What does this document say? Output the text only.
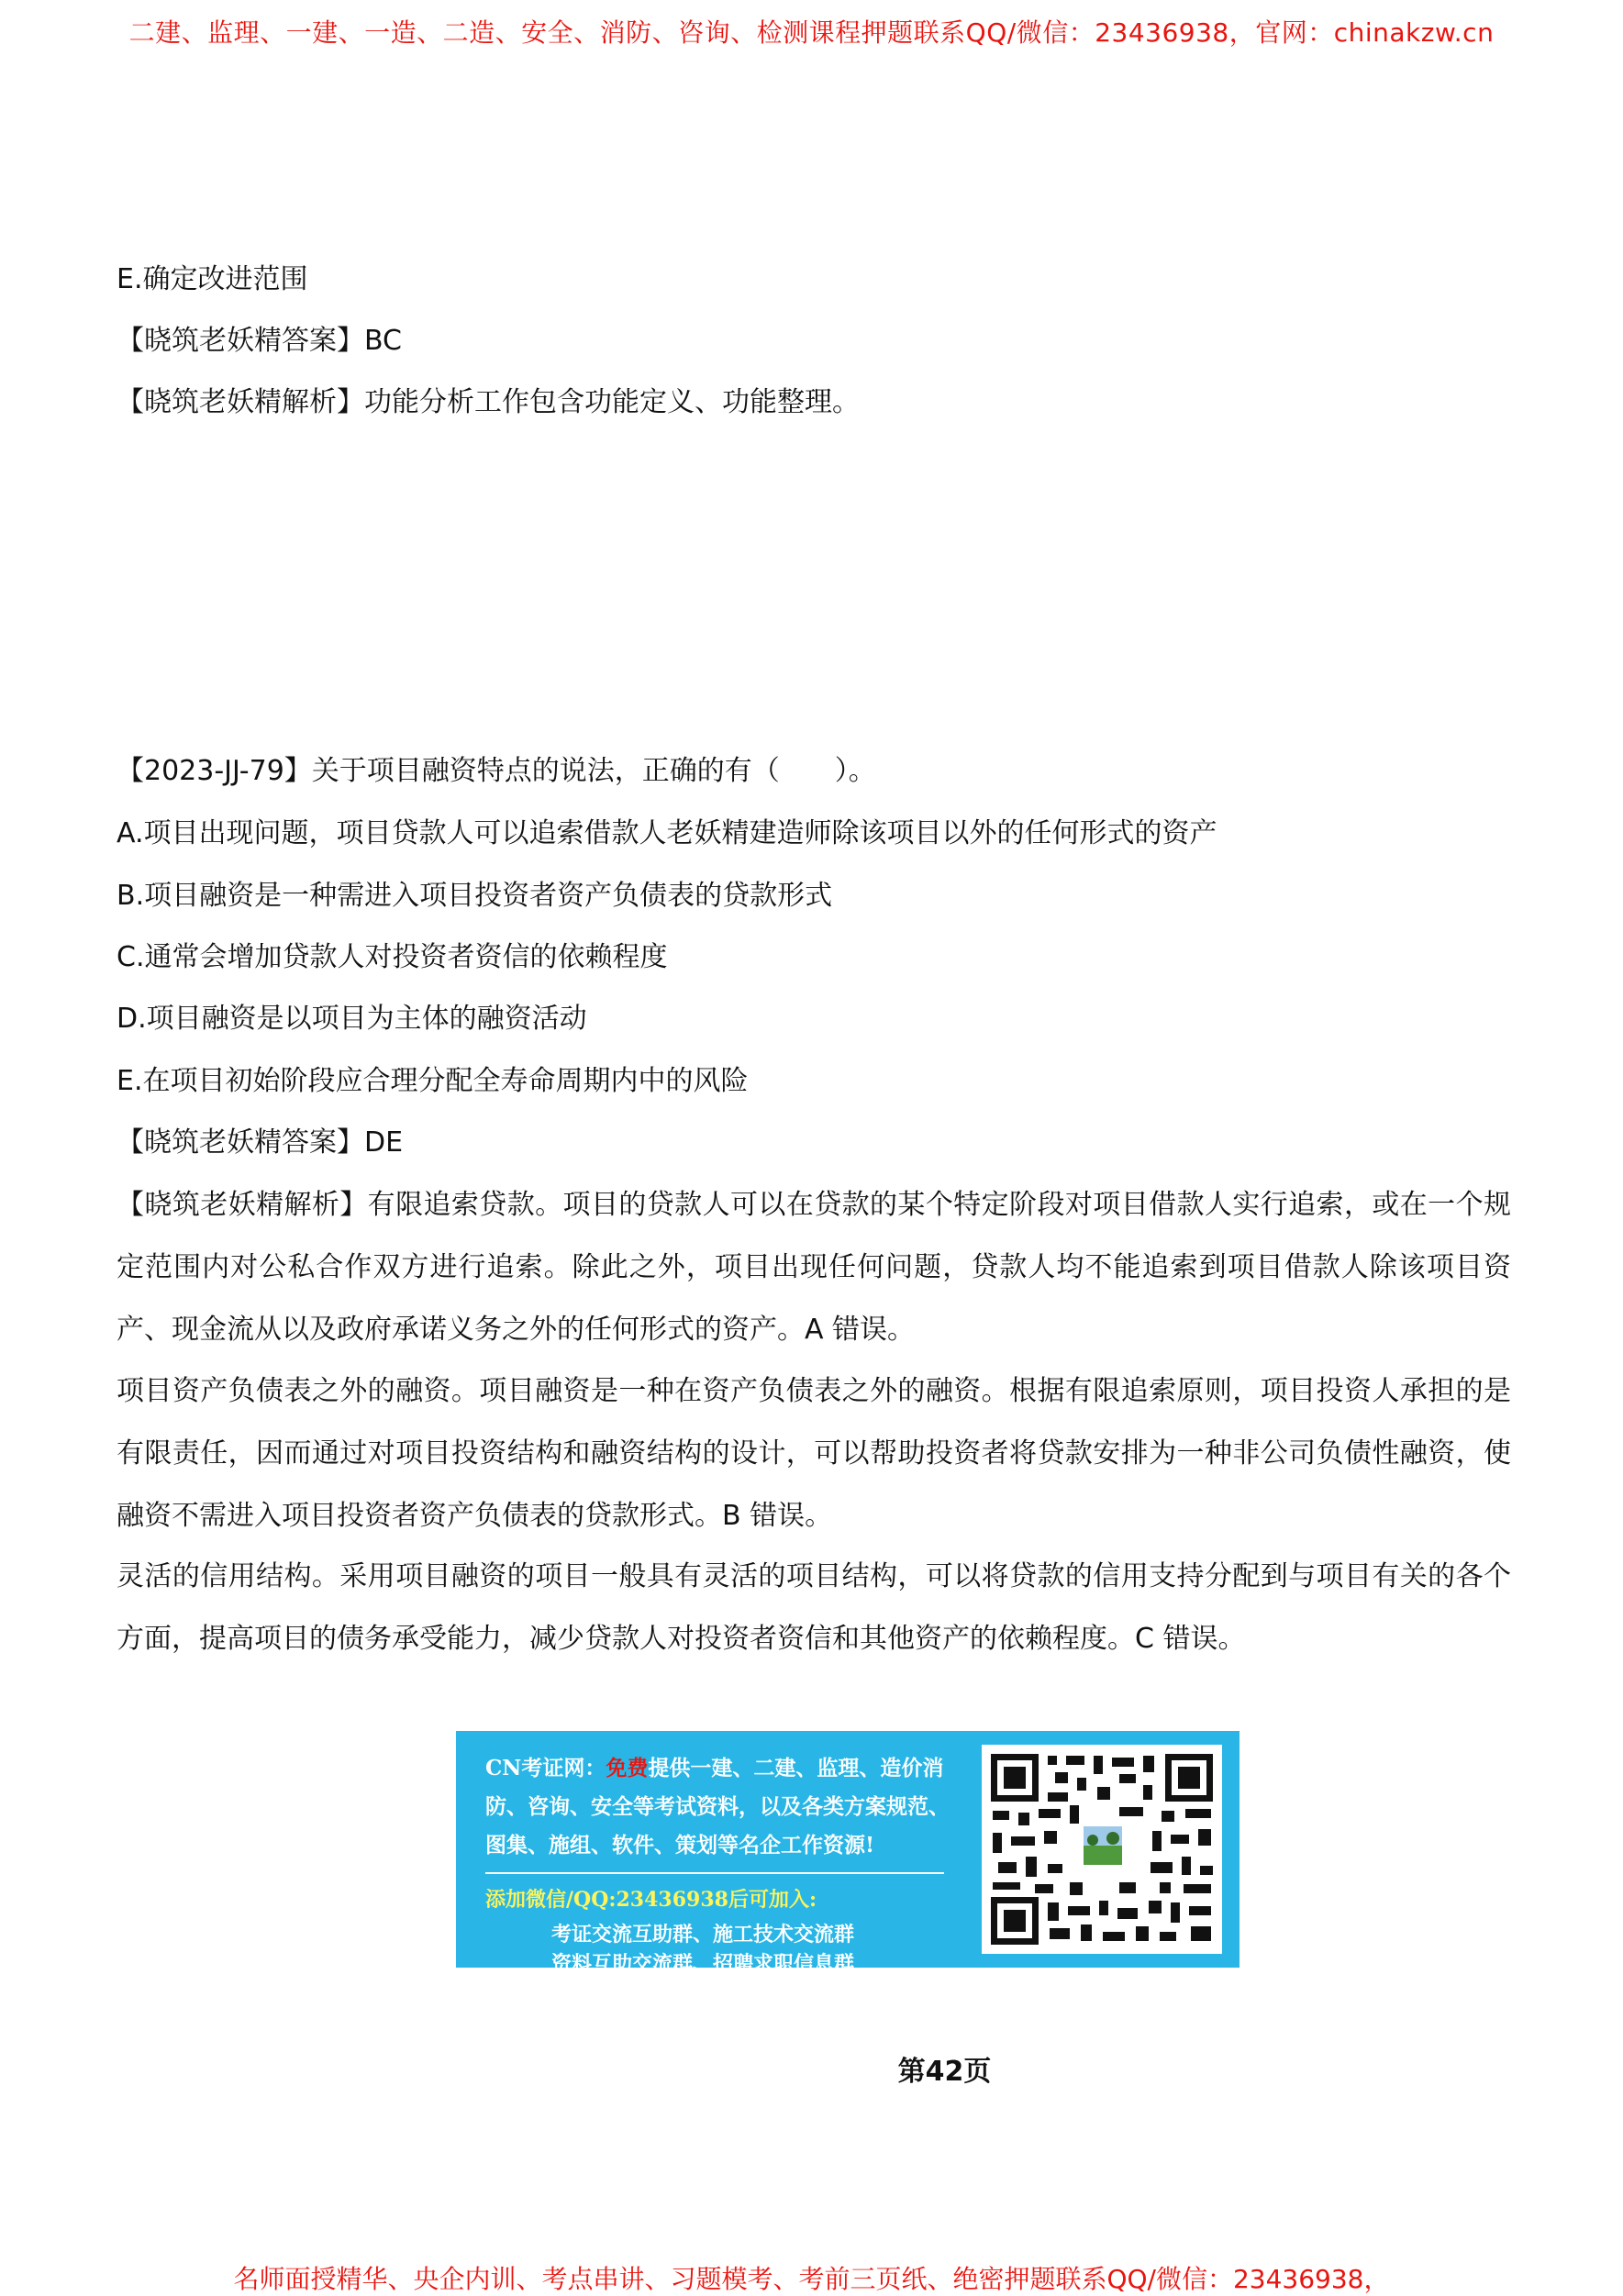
二建、监理、一建、一造、二造、安全、消防、咨询、检测课程押题联系QQ/微信：23436938，官网：chinakzw.cn
E.确定改进范围
【晓筑老妖精答案】BC
【晓筑老妖精解析】功能分析工作包含功能定义、功能整理。
【2023-JJ-79】关于项目融资特点的说法，正确的有（　　）。
A.项目出现问题，项目贷款人可以追索借款人老妖精建造师除该项目以外的任何形式的资产
B.项目融资是一种需进入项目投资者资产负债表的贷款形式
C.通常会增加贷款人对投资者资信的依赖程度
D.项目融资是以项目为主体的融资活动
E.在项目初始阶段应合理分配全寿命周期内中的风险
【晓筑老妖精答案】DE
【晓筑老妖精解析】有限追索贷款。项目的贷款人可以在贷款的某个特定阶段对项目借款人实行追索，或在一个规定范围内对公私合作双方进行追索。除此之外，项目出现任何问题，贷款人均不能追索到项目借款人除该项目资产、现金流从以及政府承诺义务之外的任何形式的资产。A 错误。
项目资产负债表之外的融资。项目融资是一种在资产负债表之外的融资。根据有限追索原则，项目投资人承担的是有限责任，因而通过对项目投资结构和融资结构的设计，可以帮助投资者将贷款安排为一种非公司负债性融资，使融资不需进入项目投资者资产负债表的贷款形式。B 错误。
灵活的信用结构。采用项目融资的项目一般具有灵活的项目结构，可以将贷款的信用支持分配到与项目有关的各个方面，提高项目的债务承受能力，减少贷款人对投资者资信和其他资产的依赖程度。C 错误。
CN考证网：免费提供一建、二建、监理、造价消防、咨询、安全等考试资料，以及各类方案规范、图集、施组、软件、策划等名企工作资源!
添加微信/QQ:23436938后可加入:
考证交流互助群、施工技术交流群
资料互助交流群、招聘求职信息群
第42页
名师面授精华、央企内训、考点串讲、习题模考、考前三页纸、绝密押题联系QQ/微信：23436938，
